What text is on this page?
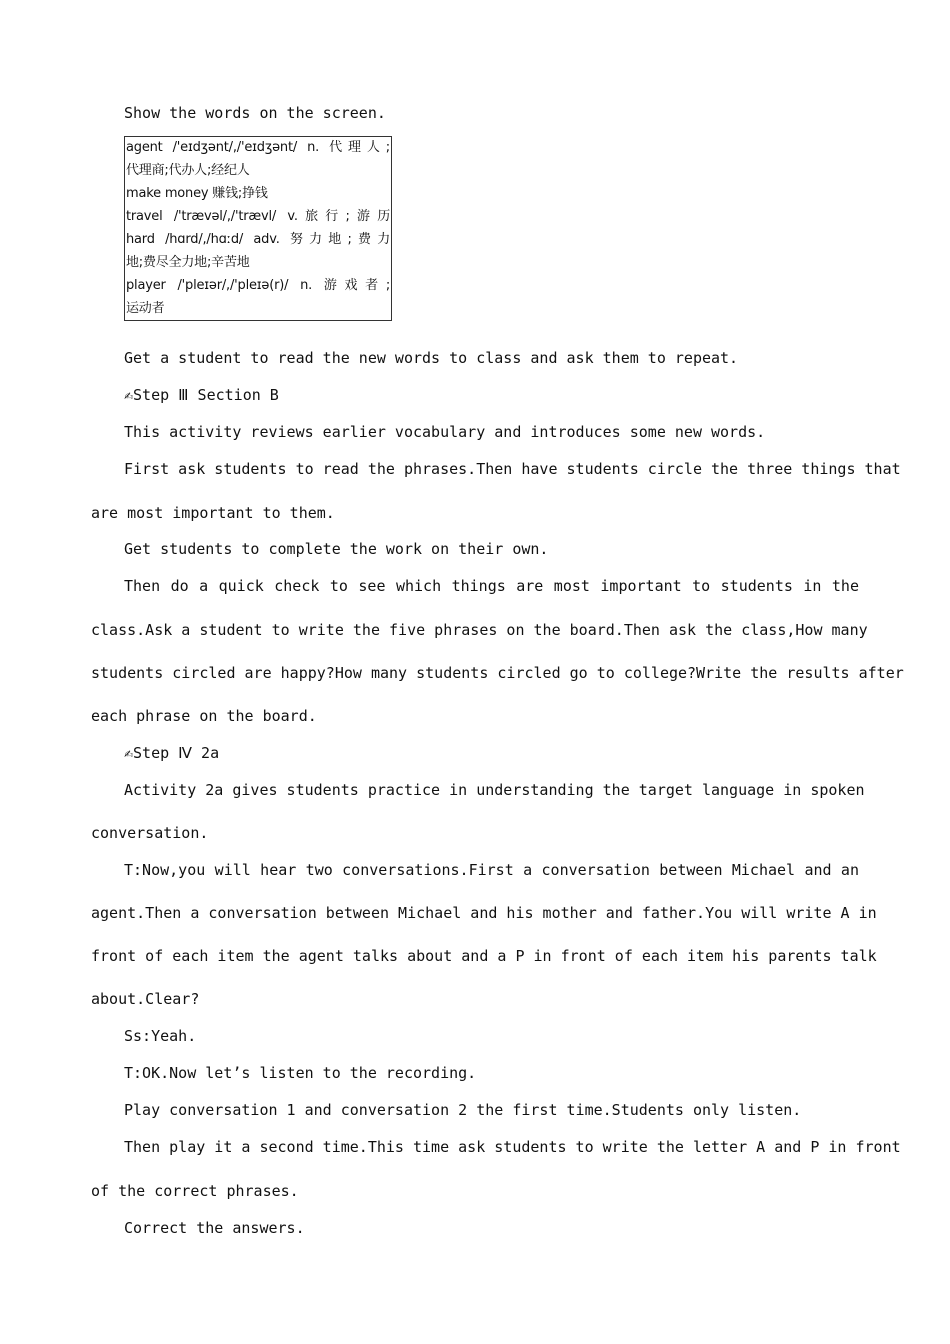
Show the words on the screen.
agent /'eɪdʒənt/,/'eɪdʒənt/ n. 代理人;
代理商;代办人;经纪人
make money 赚钱;挣钱
travel /'trævəl/,/'trævl/ v.旅行;游历
hard /hɑrd/,/hɑːd/ adv. 努力地;费力
地;费尽全力地;辛苦地
player /'pleɪər/,/'pleɪə(r)/ n. 游戏者;
运动者
Get a student to read the new words to class and ask them to repeat.
✍Step Ⅲ Section B
This activity reviews earlier vocabulary and introduces some new words.
First ask students to read the phrases.Then have students circle the three things that
are most important to them.
Get students to complete the work on their own.
Then do a quick check to see which things are most important to students in the
class.Ask a student to write the five phrases on the board.Then ask the class,How many
students circled are happy?How many students circled go to college?Write the results after
each phrase on the board.
✍Step Ⅳ 2a
Activity 2a gives students practice in understanding the target language in spoken
conversation.
T:Now,you will hear two conversations.First a conversation between Michael and an
agent.Then a conversation between Michael and his mother and father.You will write A in
front of each item the agent talks about and a P in front of each item his parents talk
about.Clear?
Ss:Yeah.
T:OK.Now let’s listen to the recording.
Play conversation 1 and conversation 2 the first time.Students only listen.
Then play it a second time.This time ask students to write the letter A and P in front
of the correct phrases.
Correct the answers.
